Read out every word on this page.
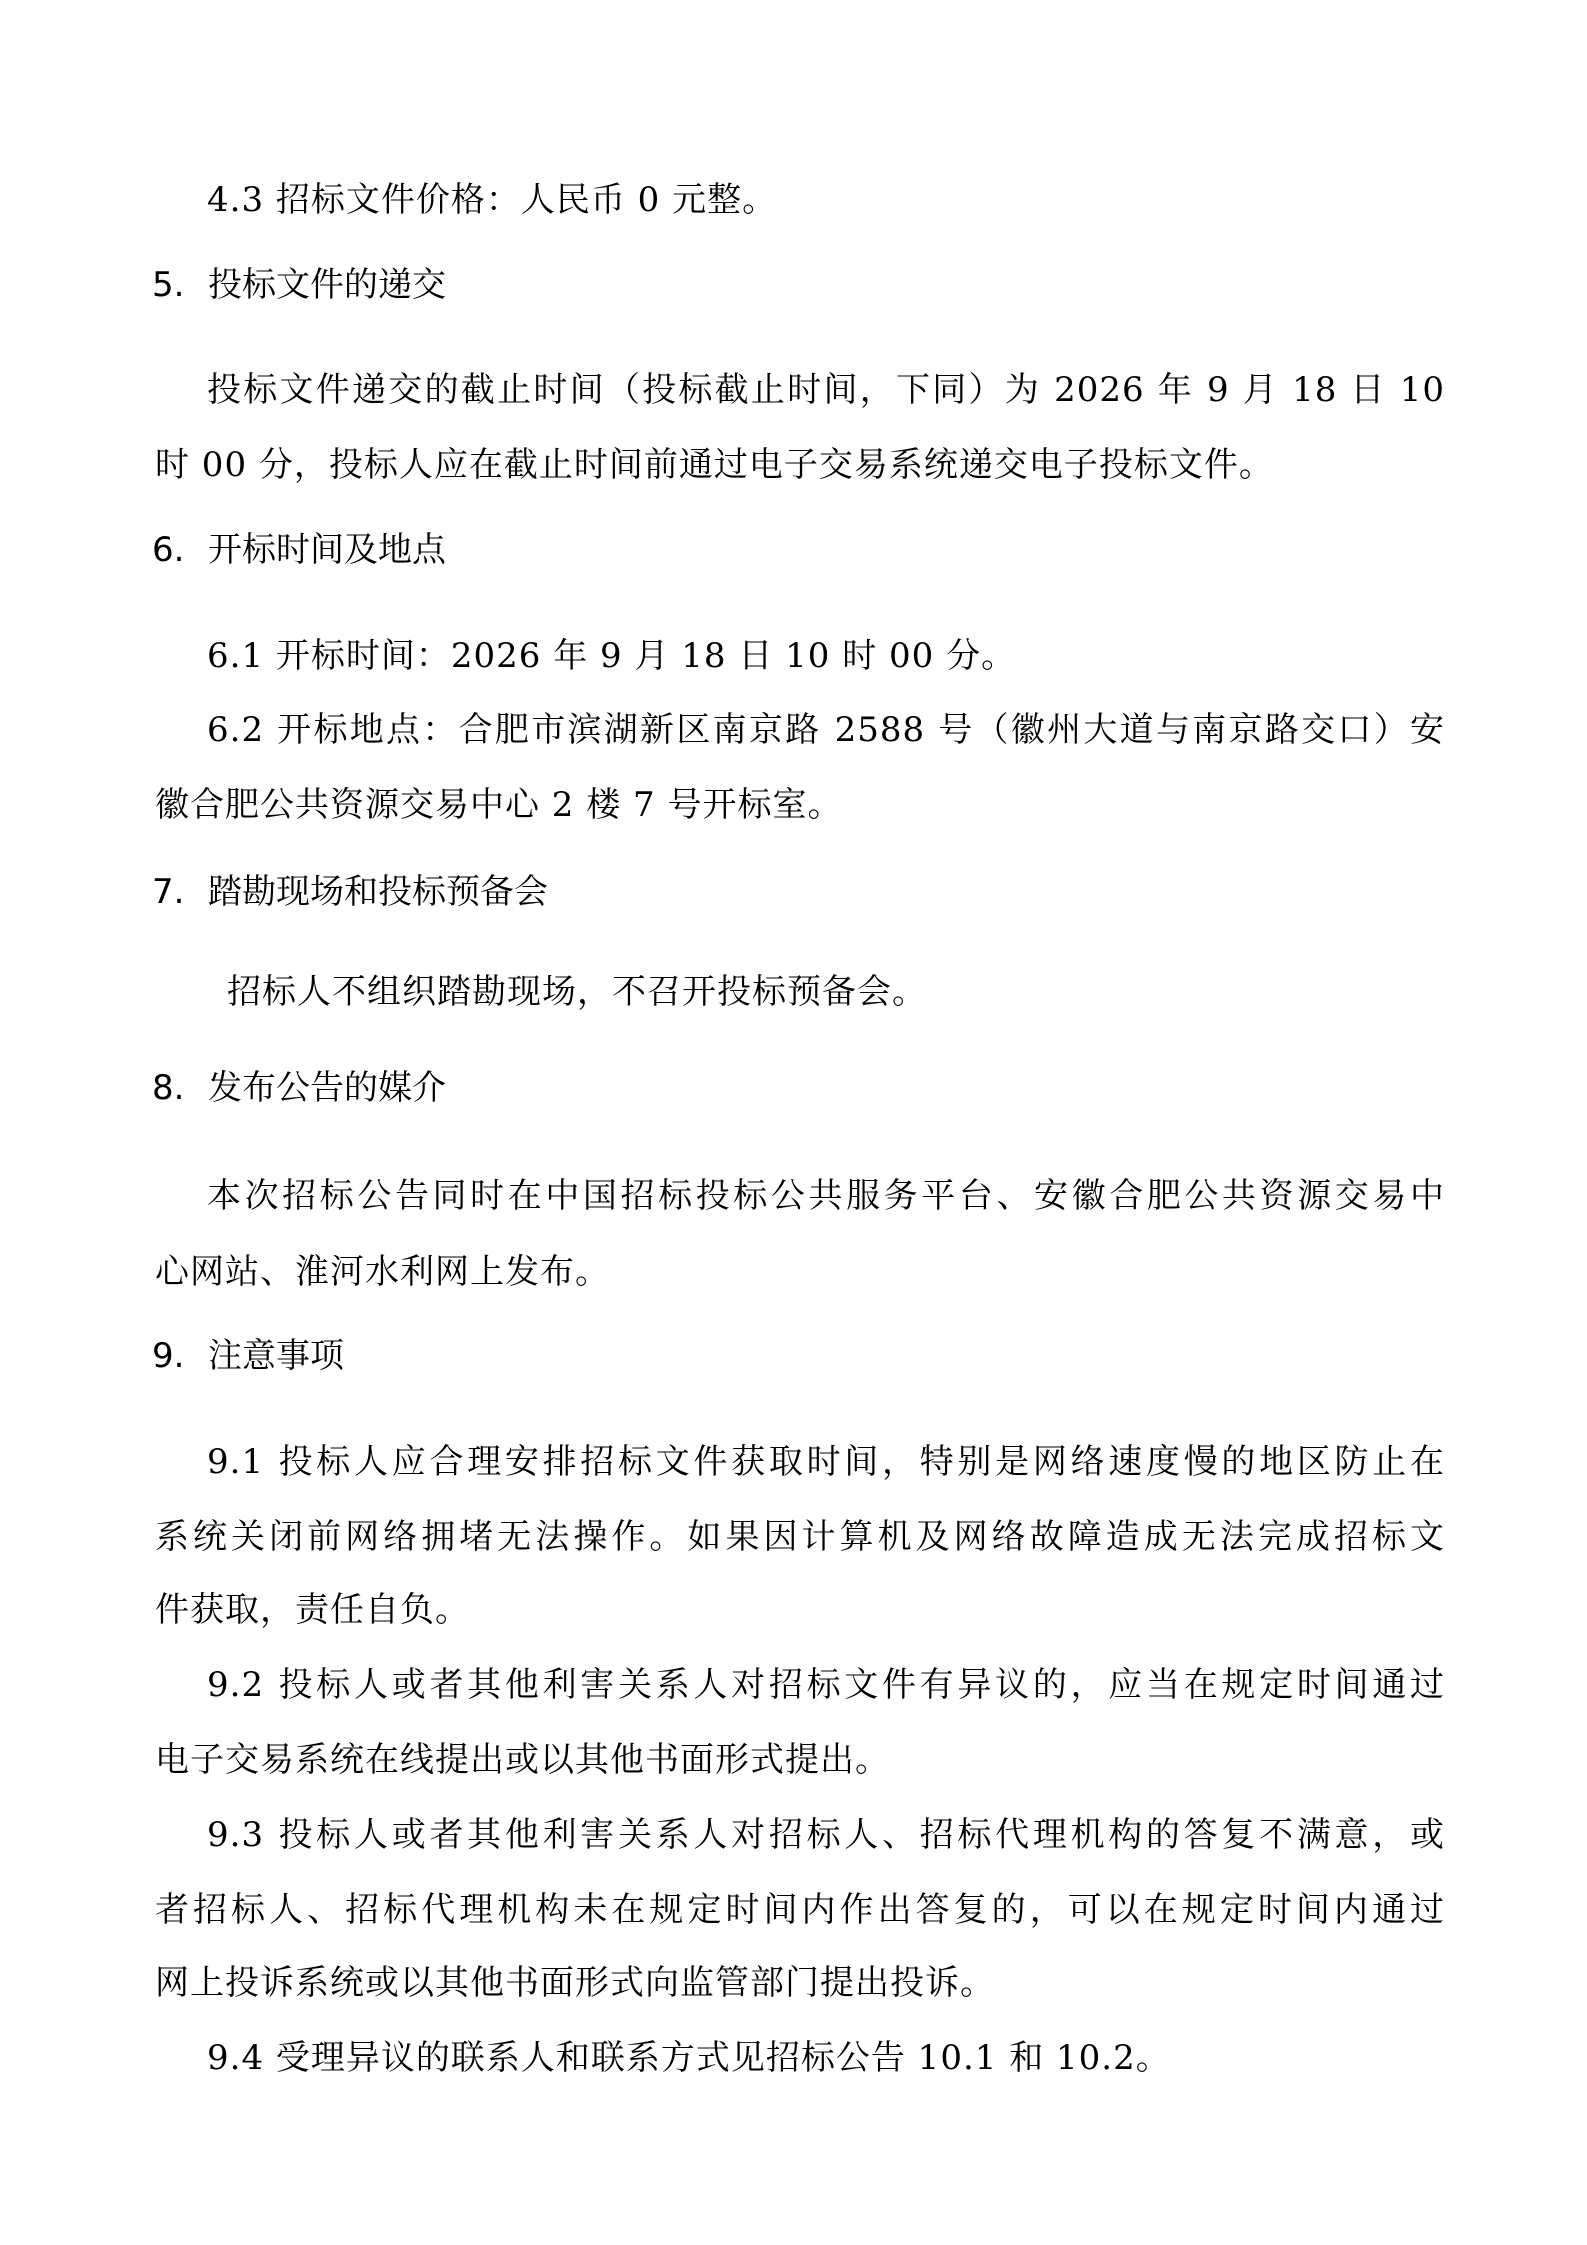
4.3 招标文件价格：人民币 0 元整。
5. 投标文件的递交
投标文件递交的截止时间（投标截止时间，下同）为 2026 年 9 月 18 日 10
时 00 分，投标人应在截止时间前通过电子交易系统递交电子投标文件。
6. 开标时间及地点
6.1 开标时间：2026 年 9 月 18 日 10 时 00 分。
6.2 开标地点：合肥市滨湖新区南京路 2588 号（徽州大道与南京路交口）安
徽合肥公共资源交易中心 2 楼 7 号开标室。
7. 踏勘现场和投标预备会
招标人不组织踏勘现场，不召开投标预备会。
8. 发布公告的媒介
本次招标公告同时在中国招标投标公共服务平台、安徽合肥公共资源交易中
心网站、淮河水利网上发布。
9. 注意事项
9.1 投标人应合理安排招标文件获取时间，特别是网络速度慢的地区防止在
系统关闭前网络拥堵无法操作。如果因计算机及网络故障造成无法完成招标文
件获取，责任自负。
9.2 投标人或者其他利害关系人对招标文件有异议的，应当在规定时间通过
电子交易系统在线提出或以其他书面形式提出。
9.3 投标人或者其他利害关系人对招标人、招标代理机构的答复不满意，或
者招标人、招标代理机构未在规定时间内作出答复的，可以在规定时间内通过
网上投诉系统或以其他书面形式向监管部门提出投诉。
9.4 受理异议的联系人和联系方式见招标公告 10.1 和 10.2。
